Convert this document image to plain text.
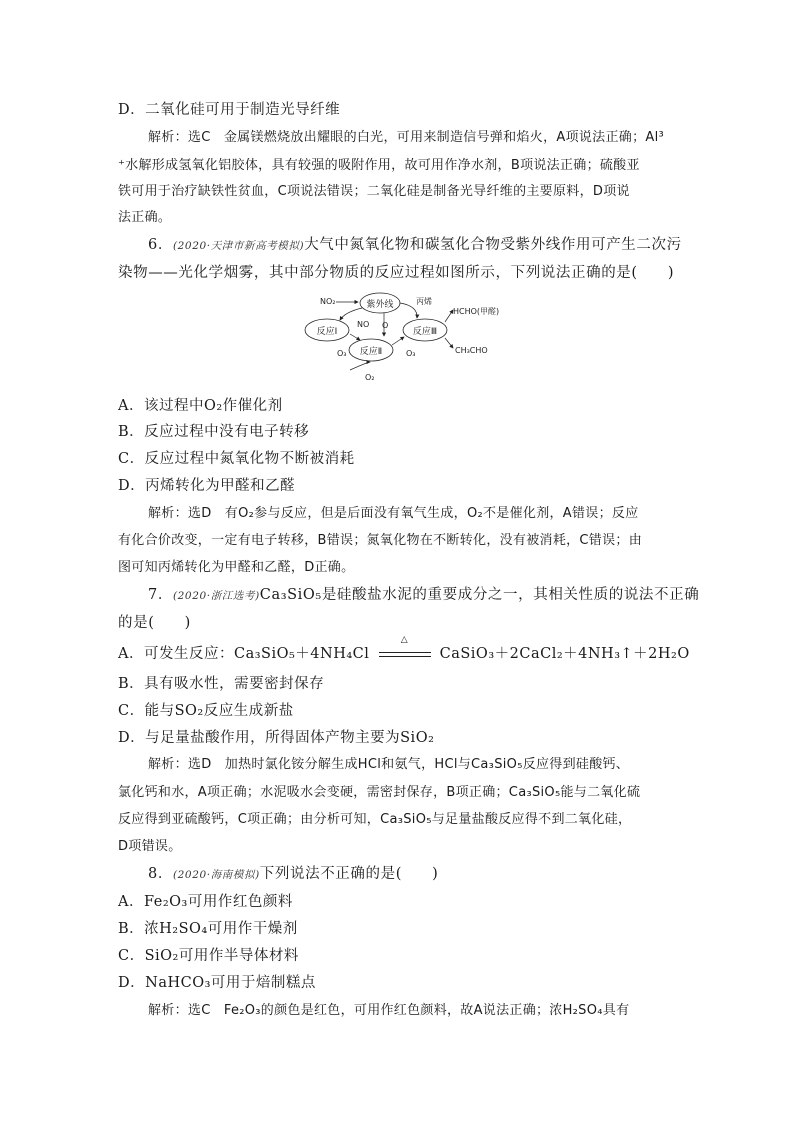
D．二氧化硅可用于制造光导纤维
解析：选C　金属镁燃烧放出耀眼的白光，可用来制造信号弹和焰火，A项说法正确；Al³
⁺水解形成氢氧化铝胶体，具有较强的吸附作用，故可用作净水剂，B项说法正确；硫酸亚
铁可用于治疗缺铁性贫血，C项说法错误；二氧化硅是制备光导纤维的主要原料，D项说
法正确。
6．(2020·天津市新高考模拟)大气中氮氧化物和碳氢化合物受紫外线作用可产生二次污
染物——光化学烟雾，其中部分物质的反应过程如图所示，下列说法正确的是(　　)
紫外线
反应Ⅰ
反应Ⅱ
反应Ⅲ
NO₂
NO O
O₃	O₃
O₂
丙烯
HCHO(甲醛)
CH₃CHO
A．该过程中O₂作催化剂
B．反应过程中没有电子转移
C．反应过程中氮氧化物不断被消耗
D．丙烯转化为甲醛和乙醛
解析：选D　有O₂参与反应，但是后面没有氧气生成，O₂不是催化剂，A错误；反应
有化合价改变，一定有电子转移，B错误；氮氧化物在不断转化，没有被消耗，C错误；由
图可知丙烯转化为甲醛和乙醛，D正确。
7．(2020·浙江选考)Ca₃SiO₅是硅酸盐水泥的重要成分之一，其相关性质的说法不正确
的是(　　)
A．可发生反应：Ca₃SiO₅＋4NH₄Cl
△
CaSiO₃＋2CaCl₂＋4NH₃↑＋2H₂O
B．具有吸水性，需要密封保存
C．能与SO₂反应生成新盐
D．与足量盐酸作用，所得固体产物主要为SiO₂
解析：选D　加热时氯化铵分解生成HCl和氨气，HCl与Ca₃SiO₅反应得到硅酸钙、
氯化钙和水，A项正确；水泥吸水会变硬，需密封保存，B项正确；Ca₃SiO₅能与二氧化硫
反应得到亚硫酸钙，C项正确；由分析可知，Ca₃SiO₅与足量盐酸反应得不到二氧化硅，
D项错误。
8．(2020·海南模拟)下列说法不正确的是(　　)
A．Fe₂O₃可用作红色颜料
B．浓H₂SO₄可用作干燥剂
C．SiO₂可用作半导体材料
D．NaHCO₃可用于焙制糕点
解析：选C　Fe₂O₃的颜色是红色，可用作红色颜料，故A说法正确；浓H₂SO₄具有
